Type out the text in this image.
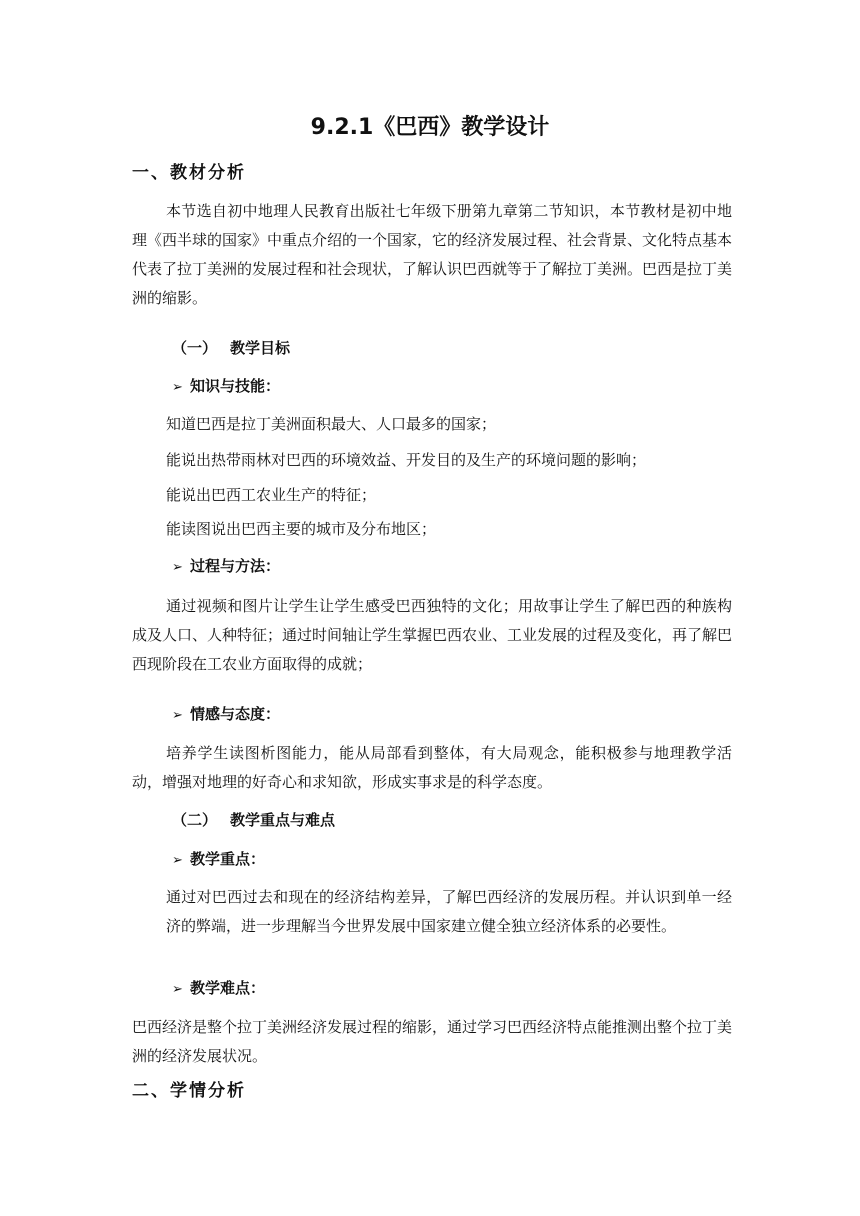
9.2.1《巴西》教学设计
一、教材分析

本节选自初中地理人民教育出版社七年级下册第九章第二节知识，本节教材是初中地理《西半球的国家》中重点介绍的一个国家，它的经济发展过程、社会背景、文化特点基本代表了拉丁美洲的发展过程和社会现状，了解认识巴西就等于了解拉丁美洲。巴西是拉丁美洲的缩影。

（一） 教学目标
➢ 知识与技能：
知道巴西是拉丁美洲面积最大、人口最多的国家；
能说出热带雨林对巴西的环境效益、开发目的及生产的环境问题的影响；
能说出巴西工农业生产的特征；
能读图说出巴西主要的城市及分布地区；
➢ 过程与方法：

通过视频和图片让学生让学生感受巴西独特的文化；用故事让学生了解巴西的种族构成及人口、人种特征；通过时间轴让学生掌握巴西农业、工业发展的过程及变化，再了解巴西现阶段在工农业方面取得的成就；

➢ 情感与态度：

培养学生读图析图能力，能从局部看到整体，有大局观念，能积极参与地理教学活动，增强对地理的好奇心和求知欲，形成实事求是的科学态度。

（二） 教学重点与难点
➢ 教学重点：

通过对巴西过去和现在的经济结构差异，了解巴西经济的发展历程。并认识到单一经济的弊端，进一步理解当今世界发展中国家建立健全独立经济体系的必要性。

➢ 教学难点：

巴西经济是整个拉丁美洲经济发展过程的缩影，通过学习巴西经济特点能推测出整个拉丁美洲的经济发展状况。

二、学情分析
